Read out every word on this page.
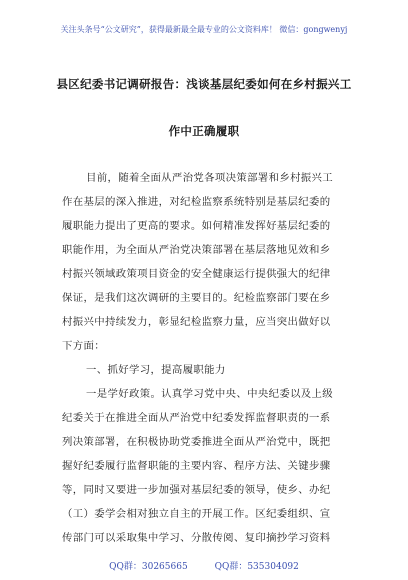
关注头条号“公文研究”，获得最新最全最专业的公文资料库！ 微信：gongwenyj
县区纪委书记调研报告：浅谈基层纪委如何在乡村振兴工
作中正确履职
目前，随着全面从严治党各项决策部署和乡村振兴工
作在基层的深入推进，对纪检监察系统特别是基层纪委的
履职能力提出了更高的要求。如何精准发挥好基层纪委的
职能作用，为全面从严治党决策部署在基层落地见效和乡
村振兴领域政策项目资金的安全健康运行提供强大的纪律
保证，是我们这次调研的主要目的。纪检监察部门要在乡
村振兴中持续发力，彰显纪检监察力量，应当突出做好以
下方面：
一、抓好学习，提高履职能力
一是学好政策。认真学习党中央、中央纪委以及上级
纪委关于在推进全面从严治党中纪委发挥监督职责的一系
列决策部署，在积极协助党委推进全面从严治党中，既把
握好纪委履行监督职能的主要内容、程序方法、关键步骤
等，同时又要进一步加强对基层纪委的领导，使乡、办纪
（工）委学会相对独立自主的开展工作。区纪委组织、宣
传部门可以采取集中学习、分散传阅、复印摘抄学习资料
QQ群：30265665	QQ群：535304092
